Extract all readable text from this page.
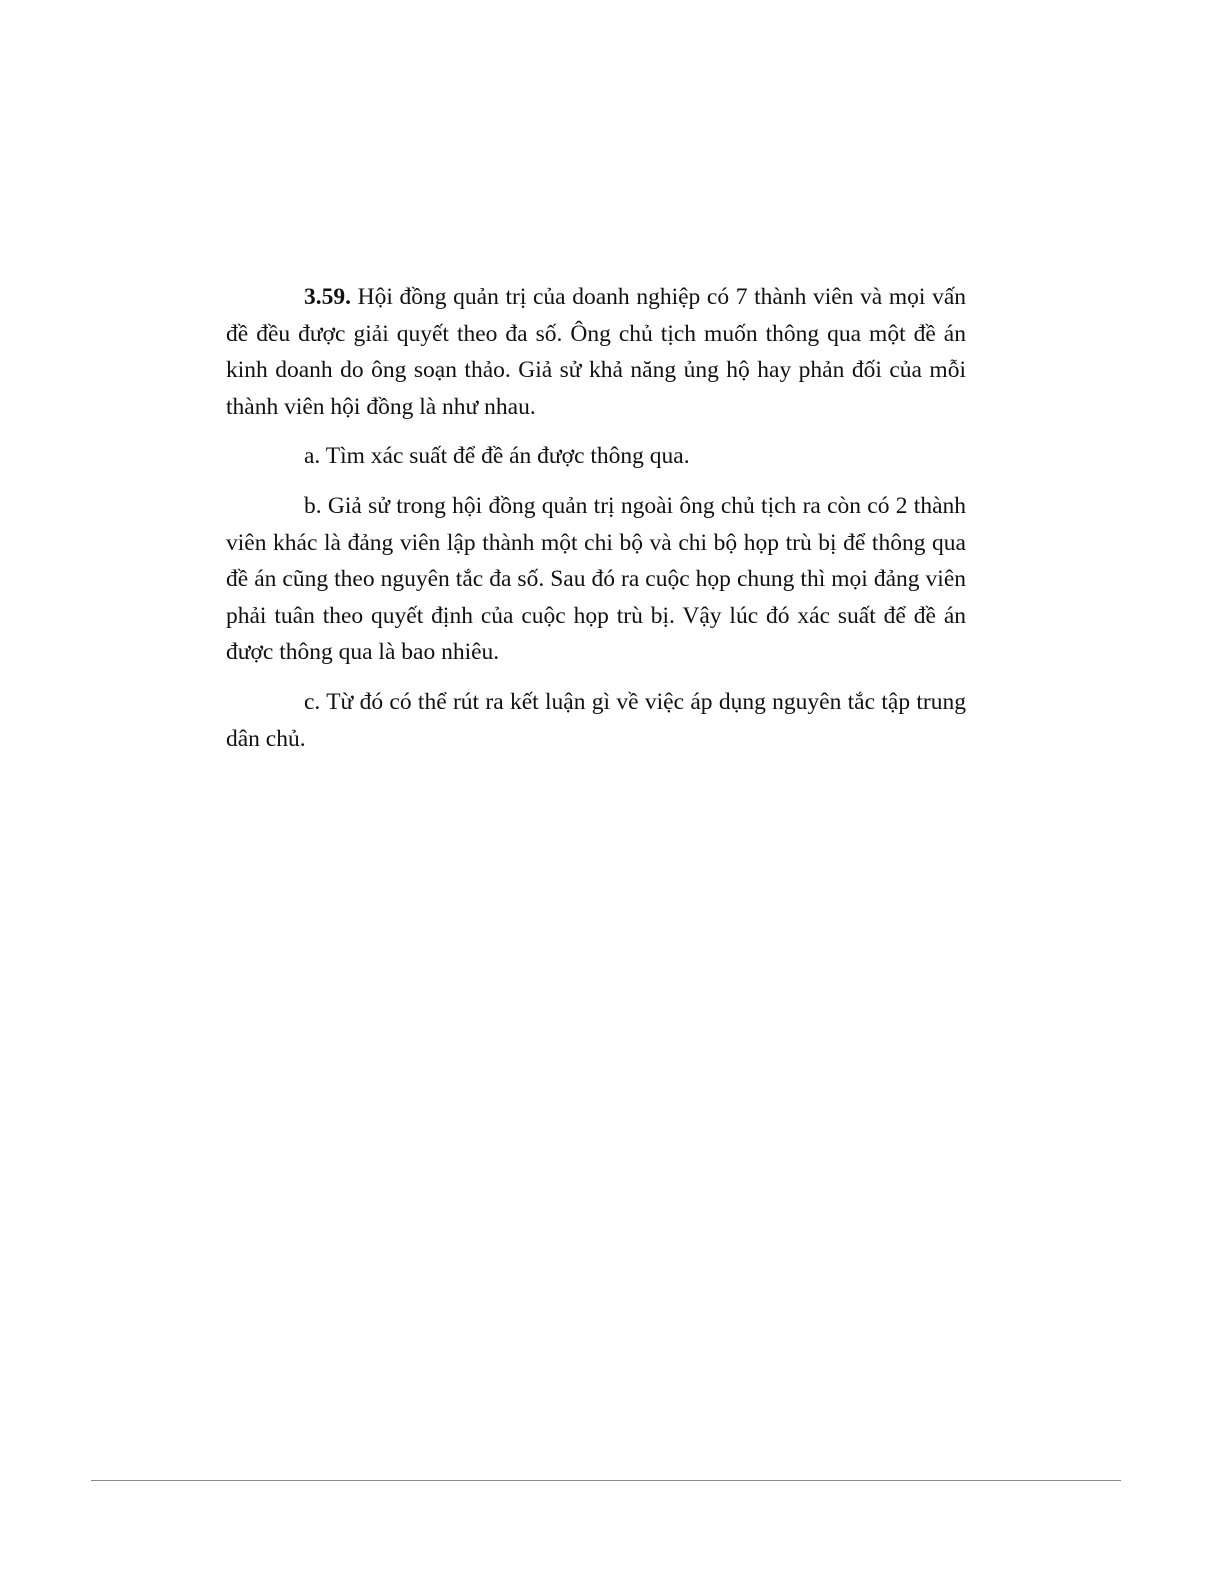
3.59. Hội đồng quản trị của doanh nghiệp có 7 thành viên và mọi vấn đề đều được giải quyết theo đa số. Ông chủ tịch muốn thông qua một đề án kinh doanh do ông soạn thảo. Giả sử khả năng ủng hộ hay phản đối của mỗi thành viên hội đồng là như nhau.

a. Tìm xác suất để đề án được thông qua.

b. Giả sử trong hội đồng quản trị ngoài ông chủ tịch ra còn có 2 thành viên khác là đảng viên lập thành một chi bộ và chi bộ họp trù bị để thông qua đề án cũng theo nguyên tắc đa số. Sau đó ra cuộc họp chung thì mọi đảng viên phải tuân theo quyết định của cuộc họp trù bị. Vậy lúc đó xác suất để đề án được thông qua là bao nhiêu.

c. Từ đó có thể rút ra kết luận gì về việc áp dụng nguyên tắc tập trung dân chủ.
